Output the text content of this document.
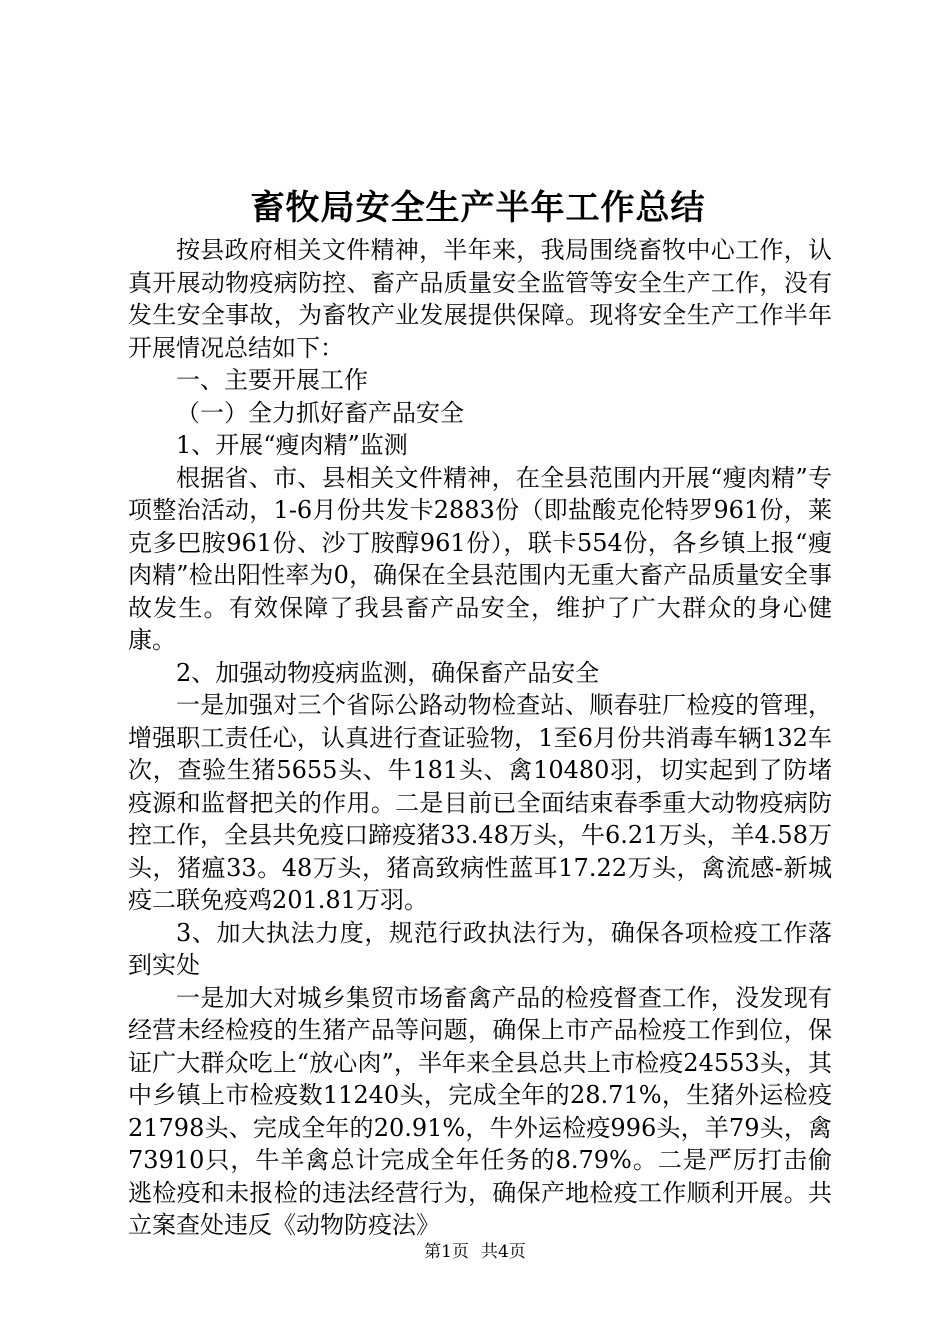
畜牧局安全生产半年工作总结

按县政府相关文件精神，半年来，我局围绕畜牧中心工作，认真开展动物疫病防控、畜产品质量安全监管等安全生产工作，没有发生安全事故，为畜牧产业发展提供保障。现将安全生产工作半年开展情况总结如下：

一、主要开展工作

（一）全力抓好畜产品安全

1、开展“瘦肉精”监测

根据省、市、县相关文件精神，在全县范围内开展“瘦肉精”专项整治活动，1-6月份共发卡2883份（即盐酸克伦特罗961份，莱克多巴胺961份、沙丁胺醇961份），联卡554份，各乡镇上报“瘦肉精”检出阳性率为0，确保在全县范围内无重大畜产品质量安全事故发生。有效保障了我县畜产品安全，维护了广大群众的身心健康。

2、加强动物疫病监测，确保畜产品安全

一是加强对三个省际公路动物检查站、顺春驻厂检疫的管理，增强职工责任心，认真进行查证验物，1至6月份共消毒车辆132车次，查验生猪5655头、牛181头、禽10480羽，切实起到了防堵疫源和监督把关的作用。二是目前已全面结束春季重大动物疫病防控工作，全县共免疫口蹄疫猪33.48万头，牛6.21万头，羊4.58万头，猪瘟33。48万头，猪高致病性蓝耳17.22万头，禽流感-新城疫二联免疫鸡201.81万羽。

3、加大执法力度，规范行政执法行为，确保各项检疫工作落到实处

一是加大对城乡集贸市场畜禽产品的检疫督查工作，没发现有经营未经检疫的生猪产品等问题，确保上市产品检疫工作到位，保证广大群众吃上“放心肉”，半年来全县总共上市检疫24553头，其中乡镇上市检疫数11240头，完成全年的28.71%，生猪外运检疫21798头、完成全年的20.91%，牛外运检疫996头，羊79头，禽73910只，牛羊禽总计完成全年任务的8.79%。二是严厉打击偷逃检疫和未报检的违法经营行为，确保产地检疫工作顺利开展。共立案查处违反《动物防疫法》

第1页 共4页
